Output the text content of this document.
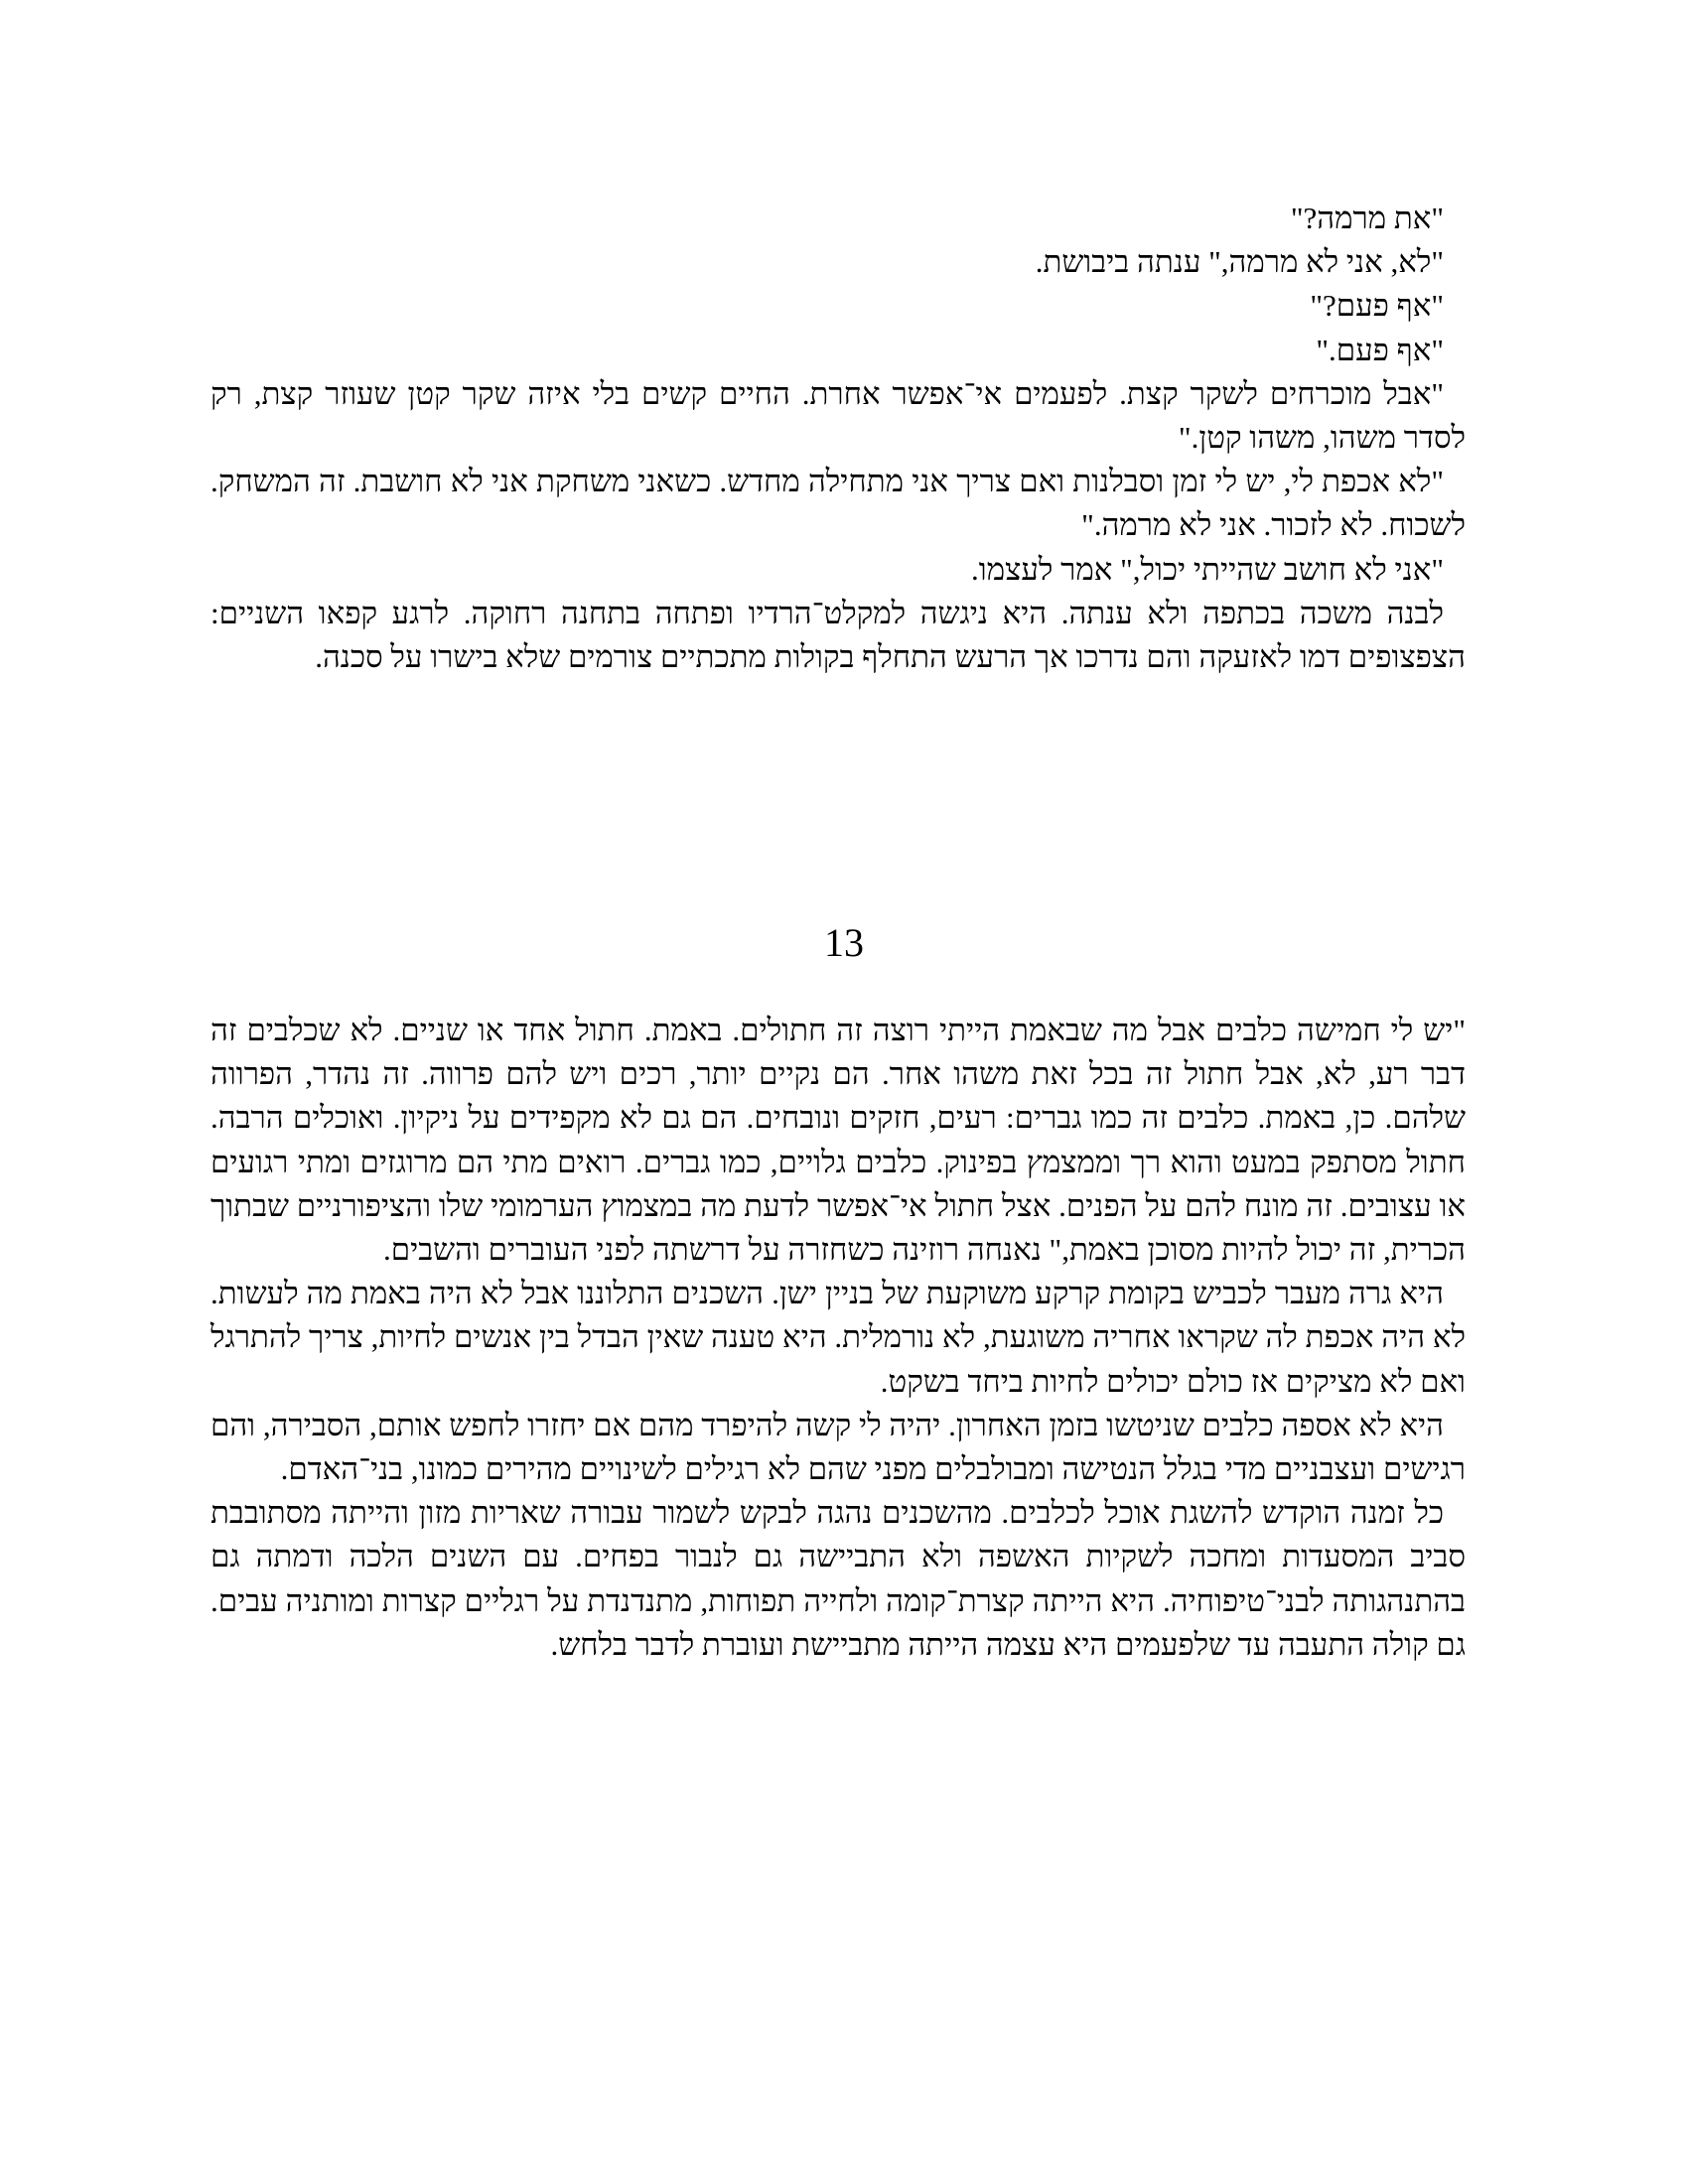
"את מרמה?"

"לא, אני לא מרמה," ענתה ביבושת.

"אף פעם?"

"אף פעם."

"אבל מוכרחים לשקר קצת. לפעמים אי־אפשר אחרת. החיים קשים בלי איזה שקר קטן שעוזר קצת, רק לסדר משהו, משהו קטן."

"לא אכפת לי, יש לי זמן וסבלנות ואם צריך אני מתחילה מחדש. כשאני משחקת אני לא חושבת. זה המשחק. לשכוח. לא לזכור. אני לא מרמה."

"אני לא חושב שהייתי יכול," אמר לעצמו.

לבנה משכה בכתפה ולא ענתה. היא ניגשה למקלט־הרדיו ופתחה בתחנה רחוקה. לרגע קפאו השניים: הצפצופים דמו לאזעקה והם נדרכו אך הרעש התחלף בקולות מתכתיים צורמים שלא בישרו על סכנה.

13

"יש לי חמישה כלבים אבל מה שבאמת הייתי רוצה זה חתולים. באמת. חתול אחד או שניים. לא שכלבים זה דבר רע, לא, אבל חתול זה בכל זאת משהו אחר. הם נקיים יותר, רכים ויש להם פרווה. זה נהדר, הפרווה שלהם. כן, באמת. כלבים זה כמו גברים: רעים, חזקים ונובחים. הם גם לא מקפידים על ניקיון. ואוכלים הרבה. חתול מסתפק במעט והוא רך וממצמץ בפינוק. כלבים גלויים, כמו גברים. רואים מתי הם מרוגזים ומתי רגועים או עצובים. זה מונח להם על הפנים. אצל חתול אי־אפשר לדעת מה במצמוץ הערמומי שלו והציפורניים שבתוך הכרית, זה יכול להיות מסוכן באמת," נאנחה רוזינה כשחזרה על דרשתה לפני העוברים והשבים.

היא גרה מעבר לכביש בקומת קרקע משוקעת של בניין ישן. השכנים התלוננו אבל לא היה באמת מה לעשות. לא היה אכפת לה שקראו אחריה משוגעת, לא נורמלית. היא טענה שאין הבדל בין אנשים לחיות, צריך להתרגל ואם לא מציקים אז כולם יכולים לחיות ביחד בשקט.

היא לא אספה כלבים שניטשו בזמן האחרון. יהיה לי קשה להיפרד מהם אם יחזרו לחפש אותם, הסבירה, והם רגישים ועצבניים מדי בגלל הנטישה ומבולבלים מפני שהם לא רגילים לשינויים מהירים כמונו, בני־האדם.

כל זמנה הוקדש להשגת אוכל לכלבים. מהשכנים נהגה לבקש לשמור עבורה שאריות מזון והייתה מסתובבת סביב המסעדות ומחכה לשקיות האשפה ולא התביישה גם לנבור בפחים. עם השנים הלכה ודמתה גם בהתנהגותה לבני־טיפוחיה. היא הייתה קצרת־קומה ולחייה תפוחות, מתנדנדת על רגליים קצרות ומותניה עבים. גם קולה התעבה עד שלפעמים היא עצמה הייתה מתביישת ועוברת לדבר בלחש.
